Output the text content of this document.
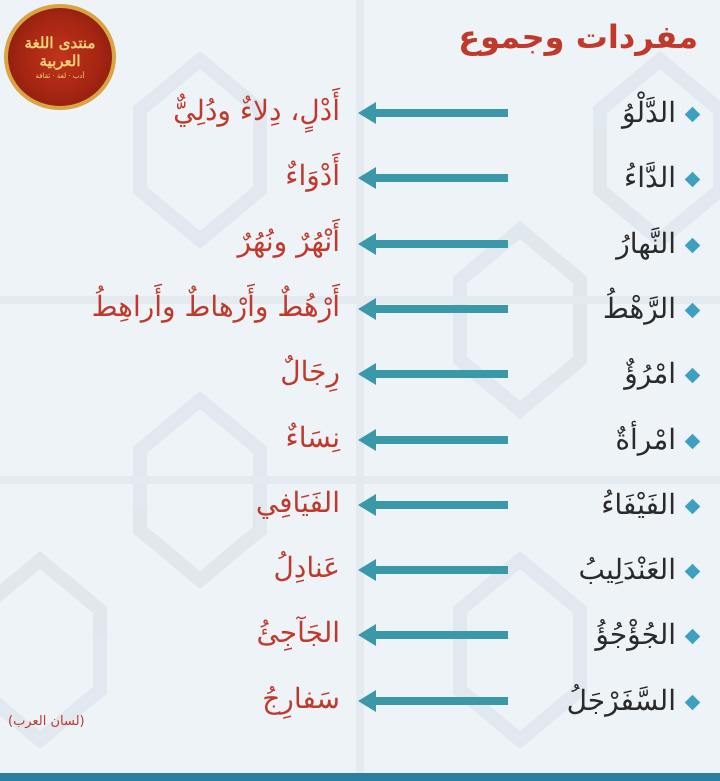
منتدى اللغة العربية
أدب · لغة · ثقافة
مفردات وجموع
الدَّلْوُ
أَدْلٍ، دِلاءٌ ودُلِيٌّ
الدَّاءُ
أَدْوَاءٌ
النَّهارُ
أَنْهُرٌ ونُهُرٌ
الرَّهْطُ
أَرْهُطٌ وأَرْهاطٌ وأَراهِطُ
امْرُؤٌ
رِجَالٌ
امْرأةٌ
نِسَاءٌ
الفَيْفَاءُ
الفَيَافِي
العَنْدَلِيبُ
عَنادِلُ
الجُؤْجُؤُ
الجَآجِئُ
السَّفَرْجَلُ
سَفارِجُ
(لسان العرب)
